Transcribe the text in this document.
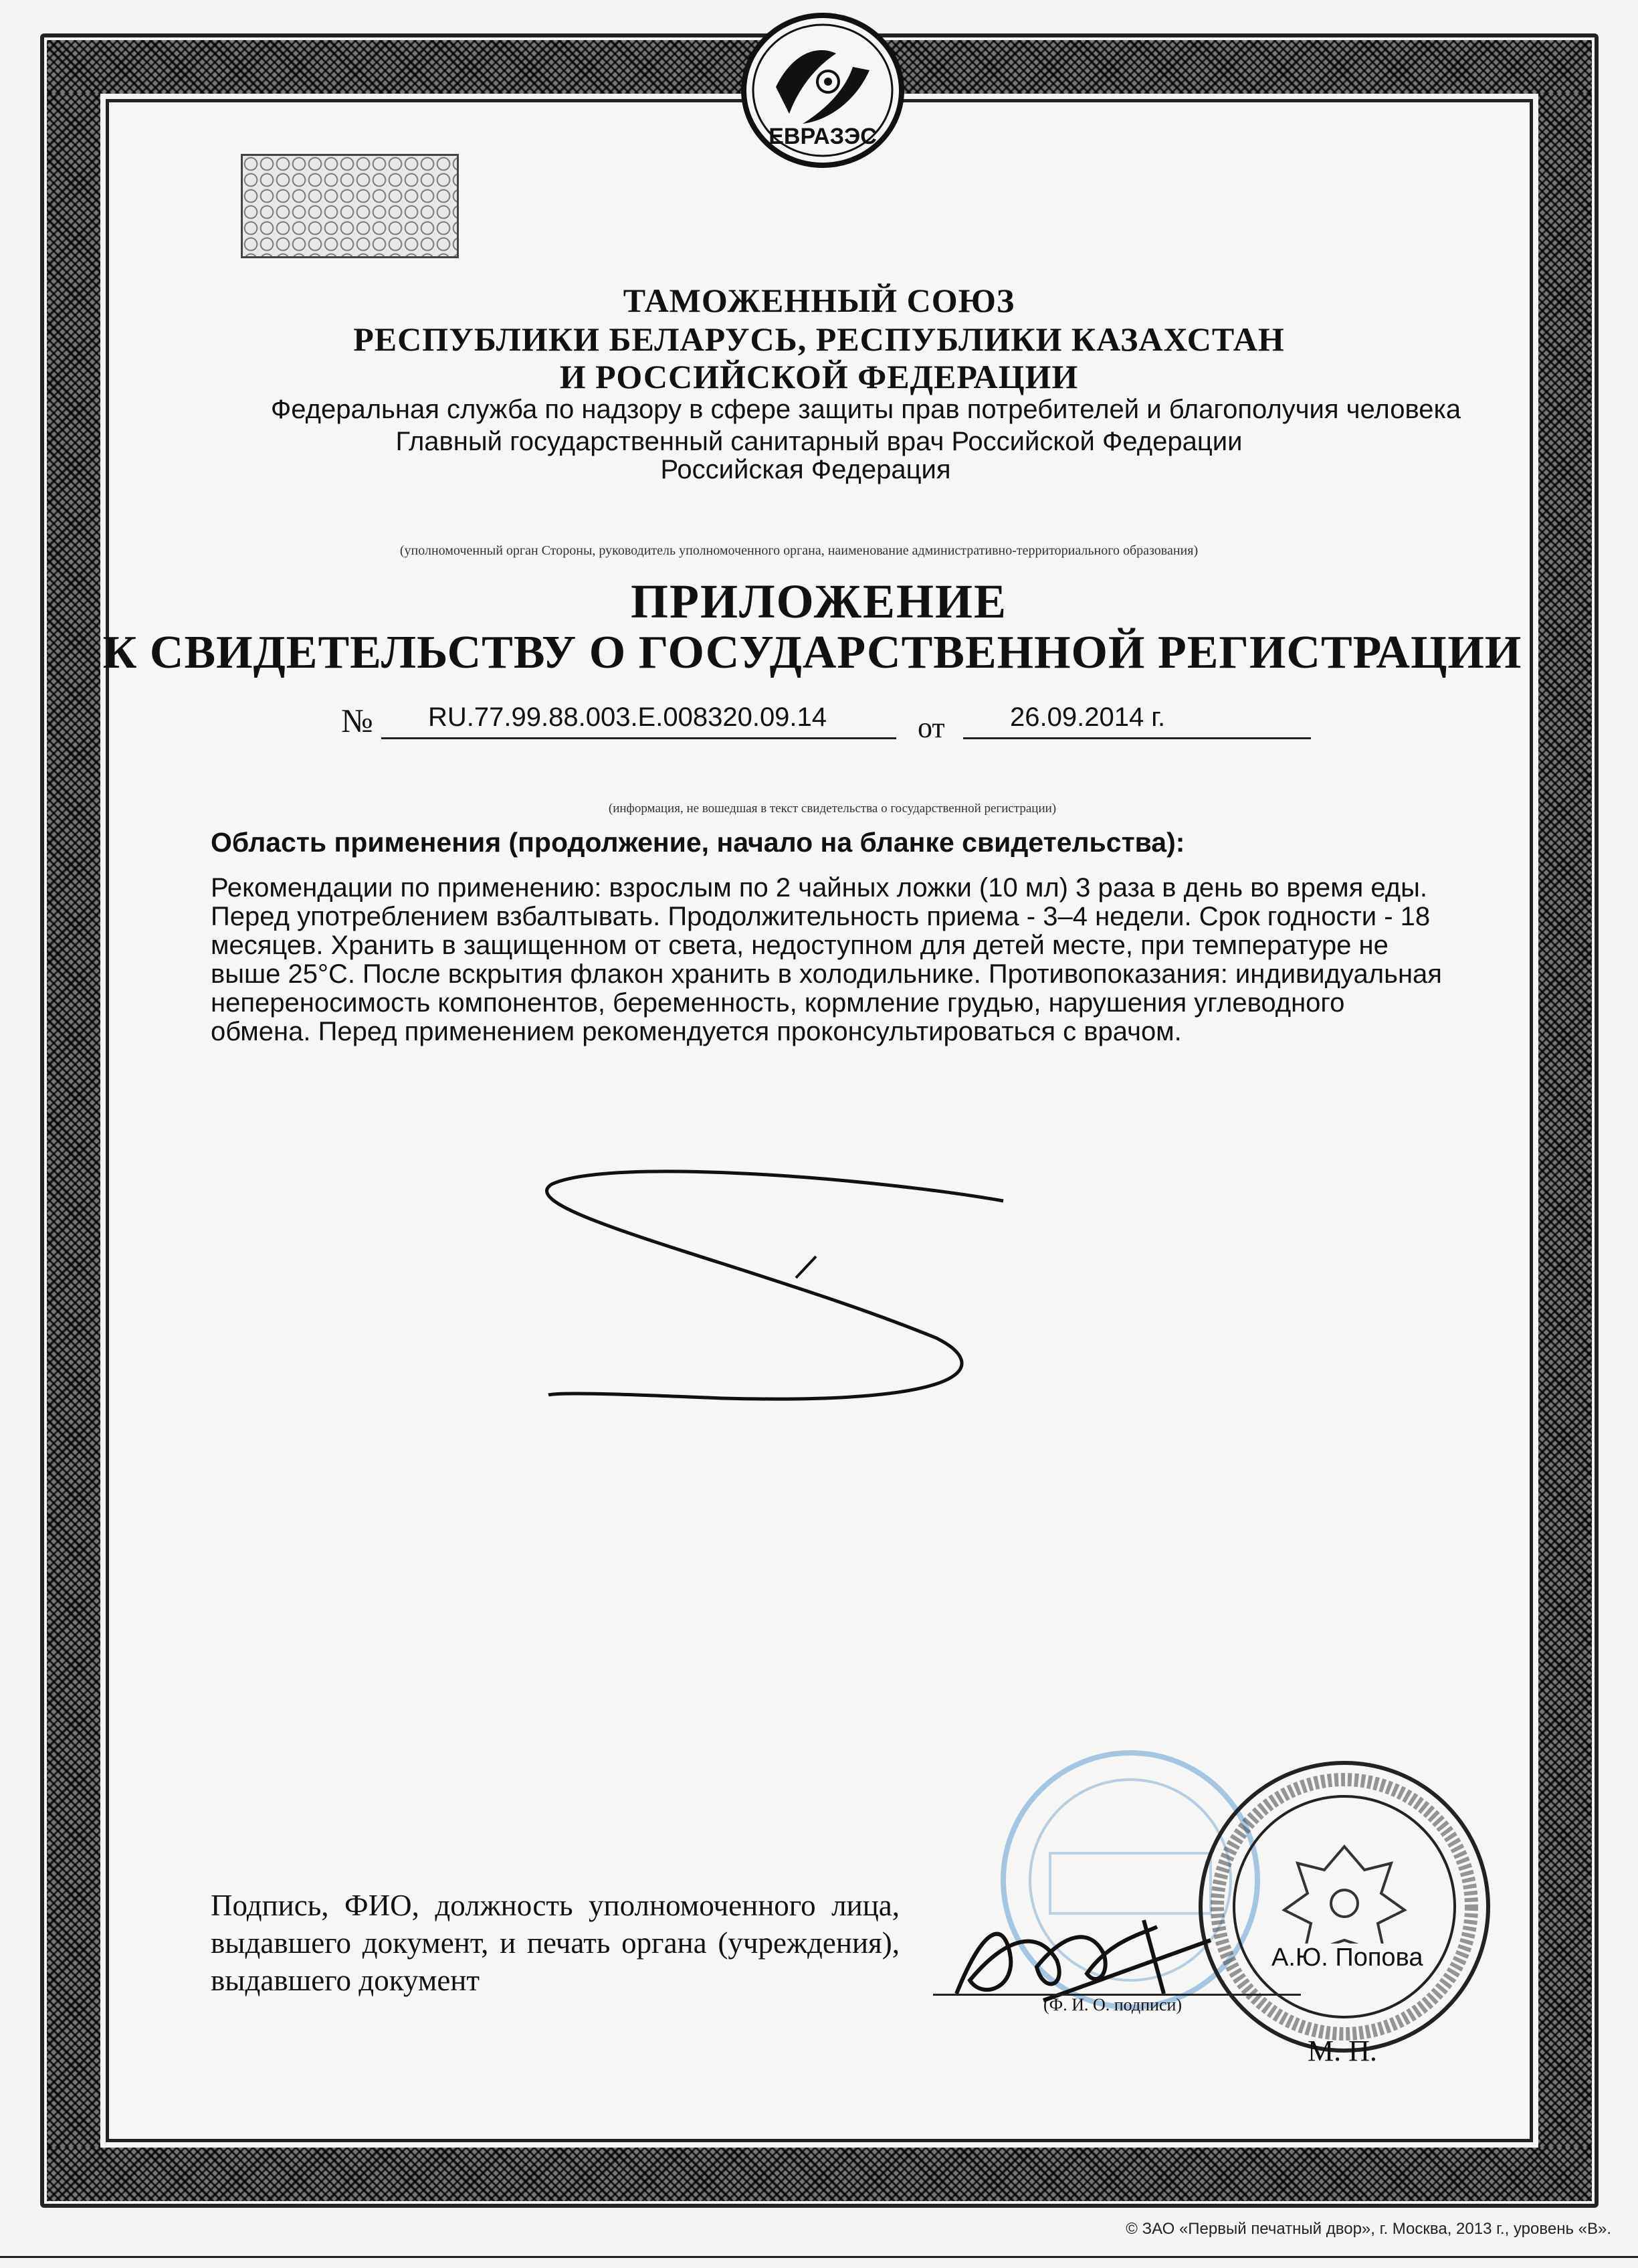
ЕВРАЗЭС
ТАМОЖЕННЫЙ СОЮЗ
РЕСПУБЛИКИ БЕЛАРУСЬ, РЕСПУБЛИКИ КАЗАХСТАН
И РОССИЙСКОЙ ФЕДЕРАЦИИ
Федеральная служба по надзору в сфере защиты прав потребителей и благополучия человека
Главный государственный санитарный врач Российской Федерации
Российская Федерация
(уполномоченный орган Стороны, руководитель уполномоченного органа, наименование административно-территориального образования)
ПРИЛОЖЕНИЕ
К СВИДЕТЕЛЬСТВУ О ГОСУДАРСТВЕННОЙ РЕГИСТРАЦИИ
№ RU.77.99.88.003.Е.008320.09.14	от 26.09.2014 г.
(информация, не вошедшая в текст свидетельства о государственной регистрации)
Область применения (продолжение, начало на бланке свидетельства):
Рекомендации по применению: взрослым по 2 чайных ложки (10 мл) 3 раза в день во время еды.
Перед употреблением взбалтывать. Продолжительность приема - 3–4 недели. Срок годности - 18
месяцев. Хранить в защищенном от света, недоступном для детей месте, при температуре не
выше 25°С. После вскрытия флакон хранить в холодильнике. Противопоказания: индивидуальная
непереносимость компонентов, беременность, кормление грудью, нарушения углеводного
обмена. Перед применением рекомендуется проконсультироваться с врачом.
Подпись, ФИО, должность уполномоченного лица, выдавшего документ, и печать органа (учреждения), выдавшего документ
А.Ю. Попова
(Ф. И. О. подписи)
М. П.
© ЗАО «Первый печатный двор», г. Москва, 2013 г., уровень «В».
